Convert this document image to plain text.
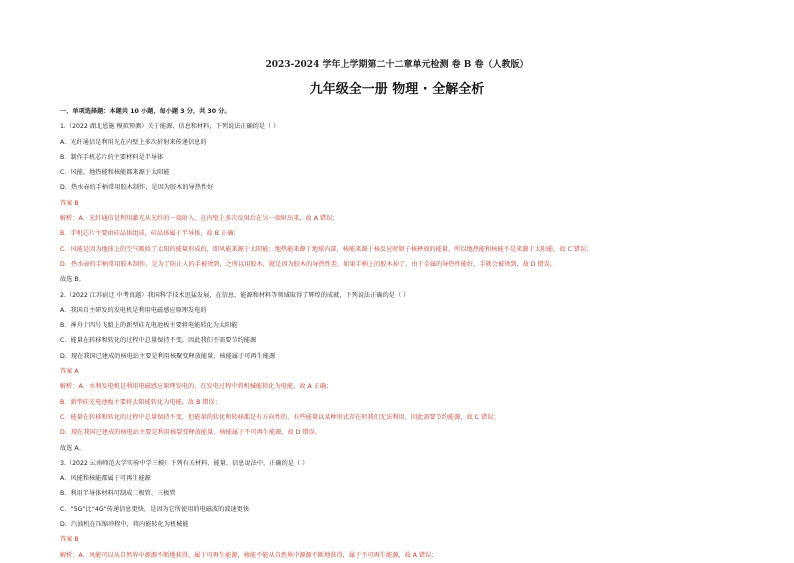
2023-2024 学年上学期第二十二章单元检测 卷 B 卷（人教版）
九年级全一册 物理 · 全解全析
一、单项选择题：本题共 10 小题，每小题 3 分，共 30 分。
1.（2022 湖北恩施 模拟预测）关于能源、信息和材料，下列说法正确的是（ ）
A．光纤通信是利用光在内壁上多次折射来传递信息的
B．制作手机芯片的主要材料是半导体
C．风能、地热能和核能都来源于太阳能
D．热水壶的手柄常用胶木制作，是因为胶木的导热性好
答案 B
解析：A．光纤通信是利用激光从光纤的一端射入，在内壁上多次反射后在另一端射出来，故 A 错误；
B．手机芯片主要由硅晶体组成，硅晶体属于半导体，故 B 正确；
C．风能是因为地球上的空气吸收了太阳的能量形成的，即风能来源于太阳能；地热能来源于地球内部，核能来源于核反应时原子核释放的能量，所以地热能和核能不是来源于太阳能，故 C 错误；
D．热水壶的手柄常用胶木制作，是为了防止人的手被烫到，之所以用胶木，就是因为胶木的导热性差，如果手柄上的胶木掉了，由于金属的导热性能好，手就会被烫到，故 D 错误。
故选 B。
2.（2022 江苏宿迁 中考真题）我国科学技术迅猛发展，在信息、能源和材料等领域取得了辉煌的成就，下列说法正确的是（ ）
A．我国自主研发的发电机是利用电磁感应原理发电的
B．神舟十四号飞船上的新型硅光电池板主要将电能转化为太阳能
C．能量在转移和转化的过程中总量保持不变，因此我们不需要节约能源
D．现在我国已建成的核电站主要是利用核聚变释放能量，核能属于可再生能源
答案 A
解析：A．水利发电机是利用电磁感应原理发电的，在发电过程中将机械能转化为电能，故 A 正确；
B．新型硅光电池板主要将太阳能转化为电能，故 B 错误；
C．能量在转移和转化的过程中总量保持不变，但能量的转化和转移都是有方向性的，有些能量以某种形式存在时我们无法利用，因此需要节约能源，故 C 错误；
D．现在我国已建成的核电站主要是利用核裂变释放能量，核能属于不可再生能源，故 D 错误。
故选 A。
3.（2022 云南师范大学实验中学三模）下列有关材料、能量、信息说法中，正确的是（ ）
A．风能和核能都属于可再生能源
B．利用半导体材料可制成二极管、三极管
C．“5G”比“4G”传递信息更快，是因为它所使用的电磁波的波速更快
D．汽油机在压缩冲程中，将内能转化为机械能
答案 B
解析：A．风能可以从自然界中源源不断地获得，属于可再生能源，核能不能从自然界中源源不断地获得，属于不可再生能源，故 A 错误；
